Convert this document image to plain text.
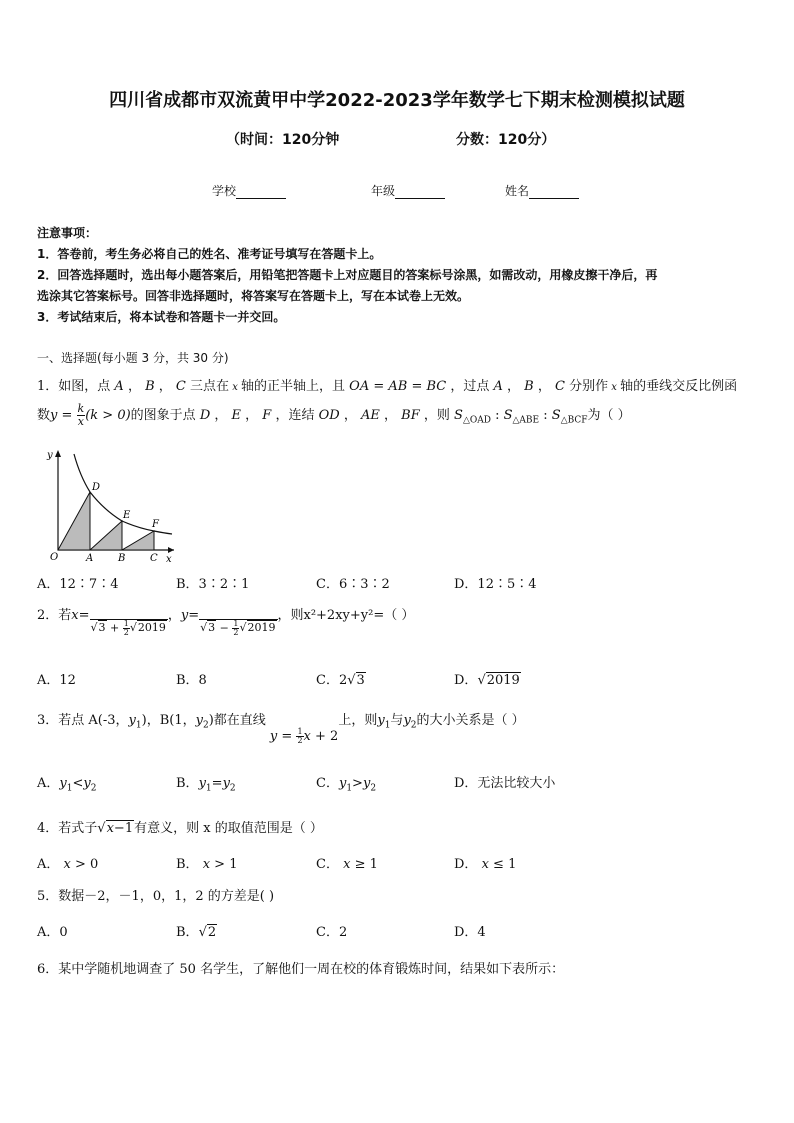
四川省成都市双流黄甲中学2022-2023学年数学七下期末检测模拟试题
（时间：120分钟	分数：120分）
学校	年级	姓名
注意事项：
1．答卷前，考生务必将自己的姓名、准考证号填写在答题卡上。
2．回答选择题时，选出每小题答案后，用铅笔把答题卡上对应题目的答案标号涂黑，如需改动，用橡皮擦干净后，再
选涂其它答案标号。回答非选择题时，将答案写在答题卡上，写在本试卷上无效。
3．考试结束后，将本试卷和答题卡一并交回。
一、选择题(每小题 3 分，共 30 分)
1．如图，点 A ， B ， C 三点在 x 轴的正半轴上，且 OA = AB = BC ，过点 A ， B ， C 分别作 x 轴的垂线交反比例函
数$y = \frac{k}{x} (k > 0)$的图象于点 D ， E ， F ，连结 OD ， AE ， BF ，则 $S_{\triangle OAD}$ : $S_{\triangle ABE}$ : $S_{\triangle BCF}$为（ ）
y
x
O	A B C
D
E
F
A．12∶7∶4	B．3∶2∶1	C．6∶3∶2	D．12∶5∶4
2．若x=

√ $3 + \frac{1}{2}$ √ 2019
，y=

√ $3 - \frac{1}{2}$ √ 2019
，则x²+2xy+y²=（ ）
A．12	B．8	C．2 √ 3	D． √ 2019
3．若点 A(-3，$y_1$)，B(1，$y_2$)都在直线 $y = \frac{1}{2}$ x + 2上，则$y_1$与$y_2$的大小关系是（ ）
A．$y_1<y_2$	B．$y_1=y_2$	C．$y_1>y_2$	D．无法比较大小
4．若式子 √ x−1有意义，则 x 的取值范围是（ ）
A． x > 0	B． x > 1	C． x ≥ 1	D． x ≤ 1
5．数据－2，－1，0，1，2 的方差是( )
A．0	B． √ 2	C．2	D．4
6．某中学随机地调查了 50 名学生，了解他们一周在校的体育锻炼时间，结果如下表所示：
